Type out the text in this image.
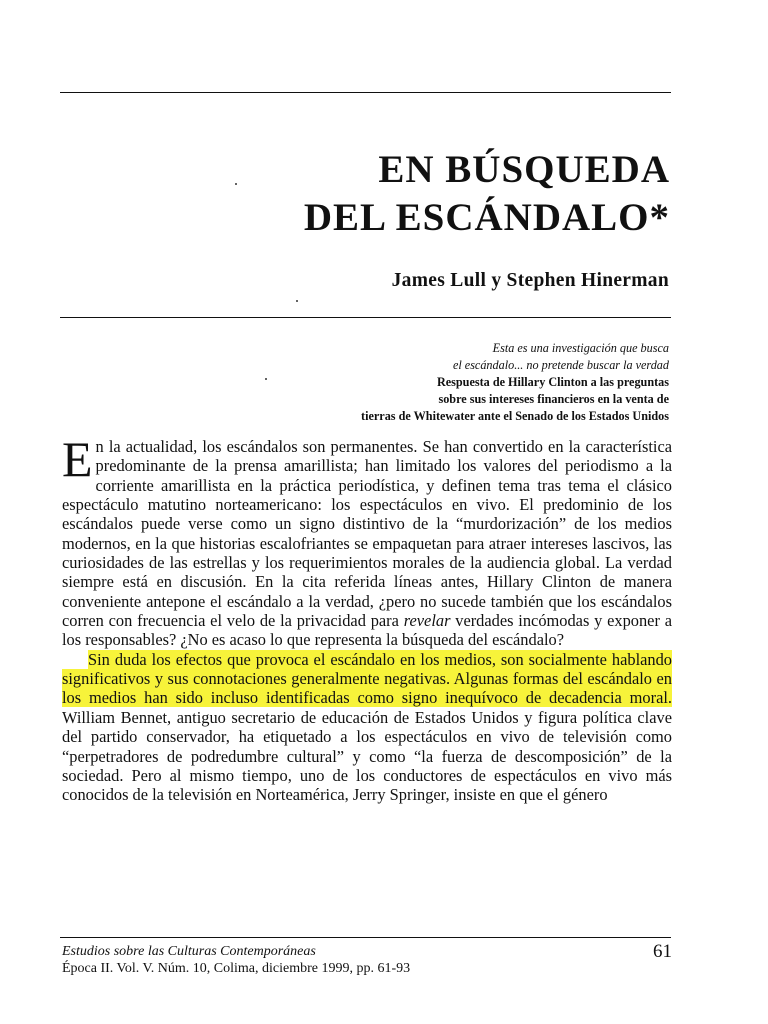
EN BÚSQUEDA
DEL ESCÁNDALO*
James Lull y Stephen Hinerman
Esta es una investigación que busca
el escándalo... no pretende buscar la verdad
Respuesta de Hillary Clinton a las preguntas
sobre sus intereses financieros en la venta de
tierras de Whitewater ante el Senado de los Estados Unidos

En la actualidad, los escándalos son permanentes. Se han convertido en la característica predominante de la prensa amarillista; han limitado los valores del periodismo a la corriente amarillista en la práctica periodística, y definen tema tras tema el clásico espectáculo matutino norteamericano: los espectáculos en vivo. El predominio de los escándalos puede verse como un signo distintivo de la “murdorización” de los medios modernos, en la que historias escalofriantes se empaquetan para atraer intereses lascivos, las curiosidades de las estrellas y los requerimientos morales de la audiencia global. La verdad siempre está en discusión. En la cita referida líneas antes, Hillary Clinton de manera conveniente antepone el escándalo a la verdad, ¿pero no sucede también que los escándalos corren con frecuencia el velo de la privacidad para revelar verdades incómodas y exponer a los responsables? ¿No es acaso lo que representa la búsqueda del escándalo?

Sin duda los efectos que provoca el escándalo en los medios, son socialmente hablando significativos y sus connotaciones generalmente negativas. Algunas formas del escándalo en los medios han sido incluso identificadas como signo inequívoco de decadencia moral. William Bennet, antiguo secretario de educación de Estados Unidos y figura política clave del partido conservador, ha etiquetado a los espectáculos en vivo de televisión como “perpetradores de podredumbre cultural” y como “la fuerza de descomposición” de la sociedad. Pero al mismo tiempo, uno de los conductores de espectáculos en vivo más conocidos de la televisión en Norteamérica, Jerry Springer, insiste en que el género

Estudios sobre las Culturas Contemporáneas
Época II. Vol. V. Núm. 10, Colima, diciembre 1999, pp. 61-93
61
